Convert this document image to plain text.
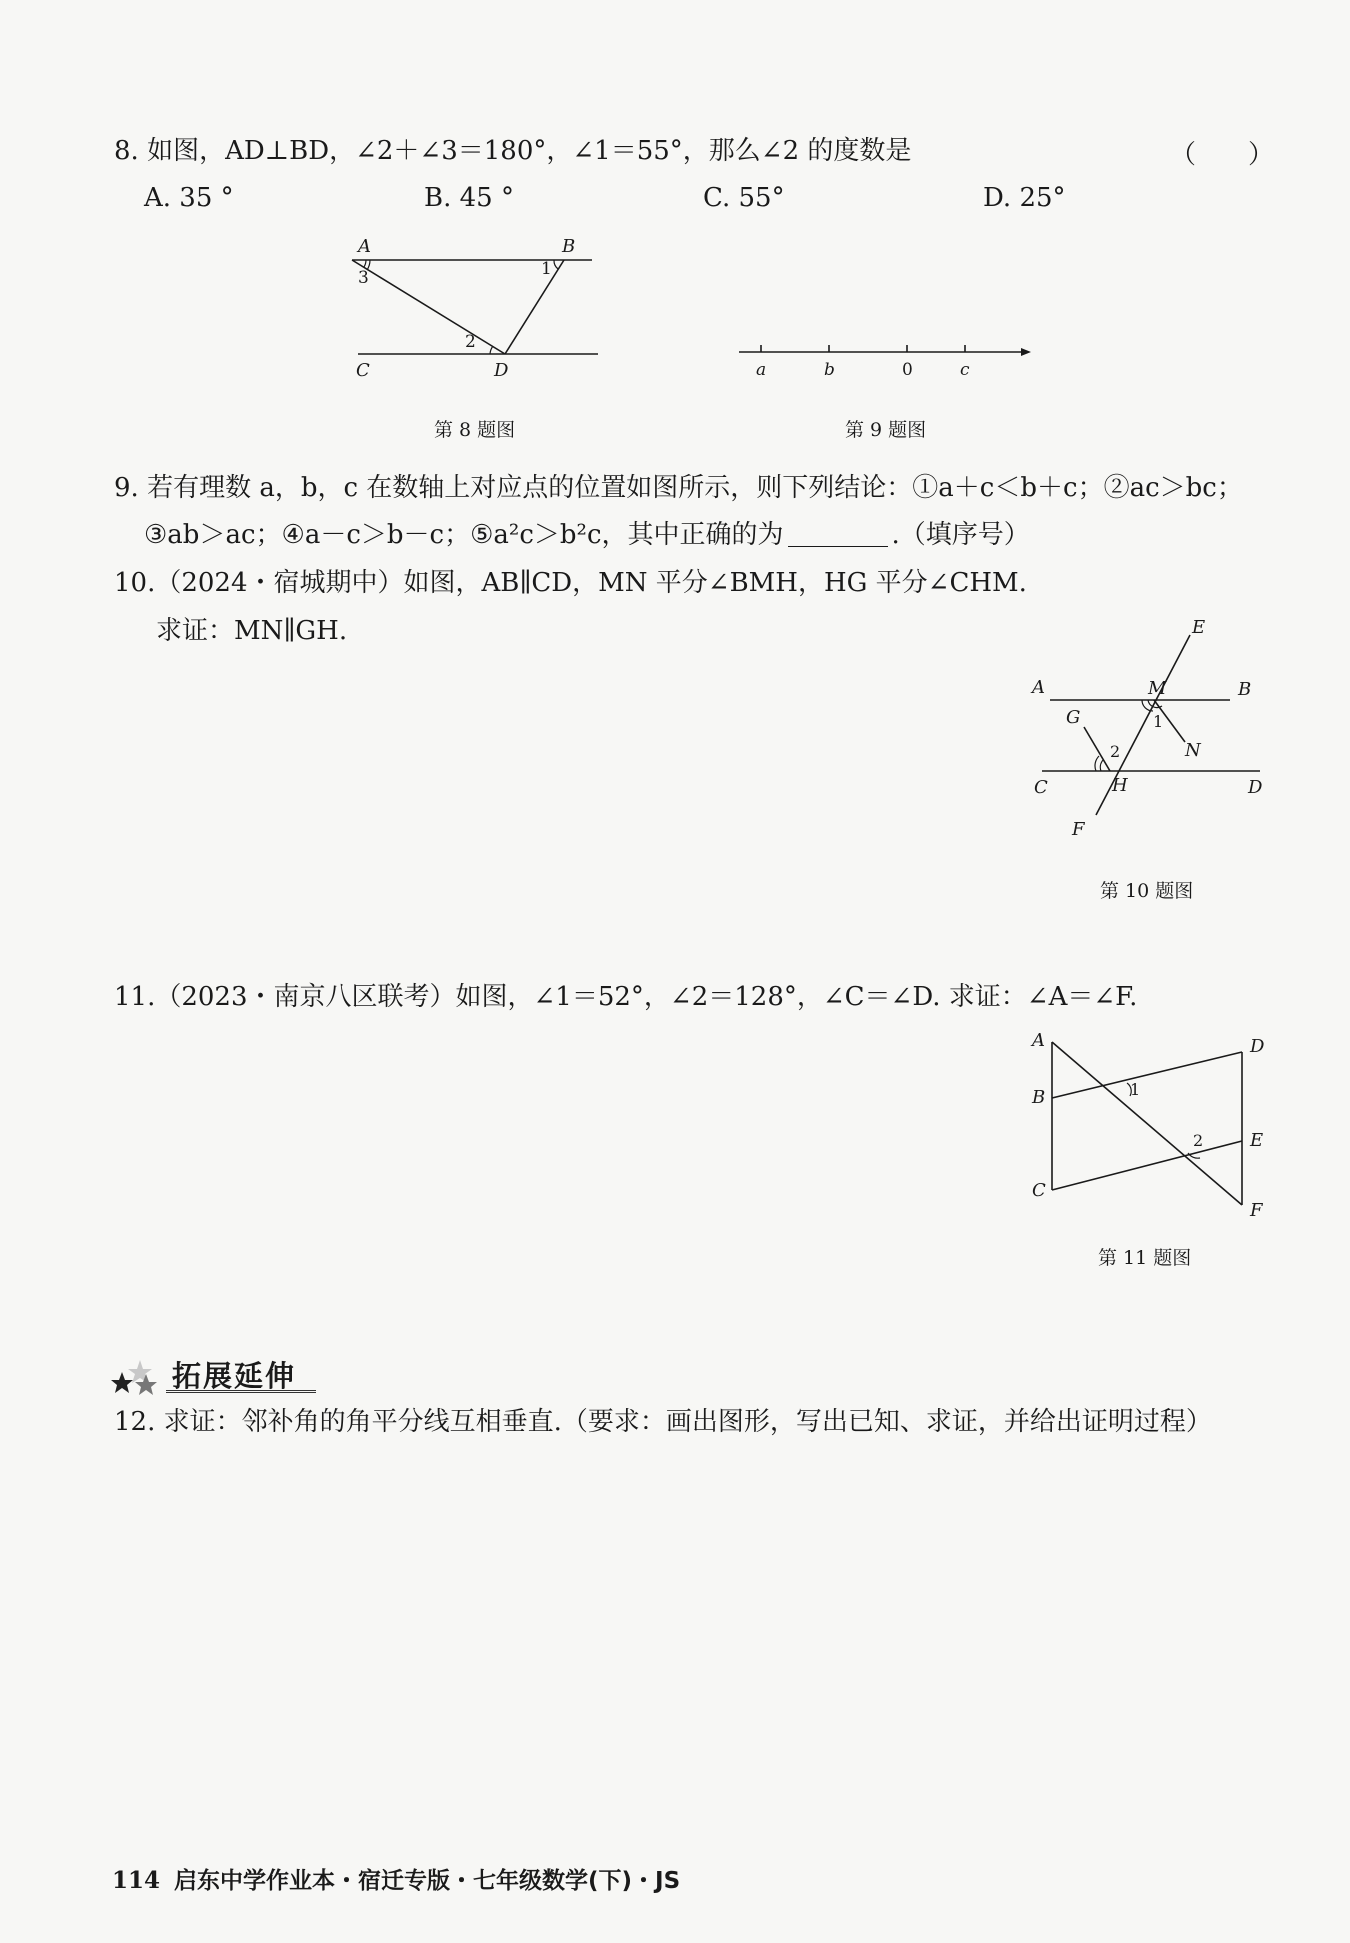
8. 如图，AD⊥BD，∠2＋∠3＝180°，∠1＝55°，那么∠2 的度数是	（　　）
A. 35 °	B. 45 °	C. 55°	D. 25°
A	B
C	D
1
2
3
a	b	0	c
第 8 题图	第 9 题图
9. 若有理数 a，b，c 在数轴上对应点的位置如图所示，则下列结论：①a＋c＜b＋c；②ac＞bc；
③ab＞ac；④a－c＞b－c；⑤a²c＞b²c，其中正确的为	.（填序号）
10.（2024・宿城期中）如图，AB∥CD，MN 平分∠BMH，HG 平分∠CHM.
求证：MN∥GH.	E
A	M	B
G	1
N
2
C	H	D
F
第 10 题图
11.（2023・南京八区联考）如图，∠1＝52°，∠2＝128°，∠C＝∠D. 求证：∠A＝∠F.
A	D
B	1
2	E
C
F
第 11 题图
拓展延伸
12. 求证：邻补角的角平分线互相垂直.（要求：画出图形，写出已知、求证，并给出证明过程）
114 启东中学作业本・宿迁专版・七年级数学(下)・JS
